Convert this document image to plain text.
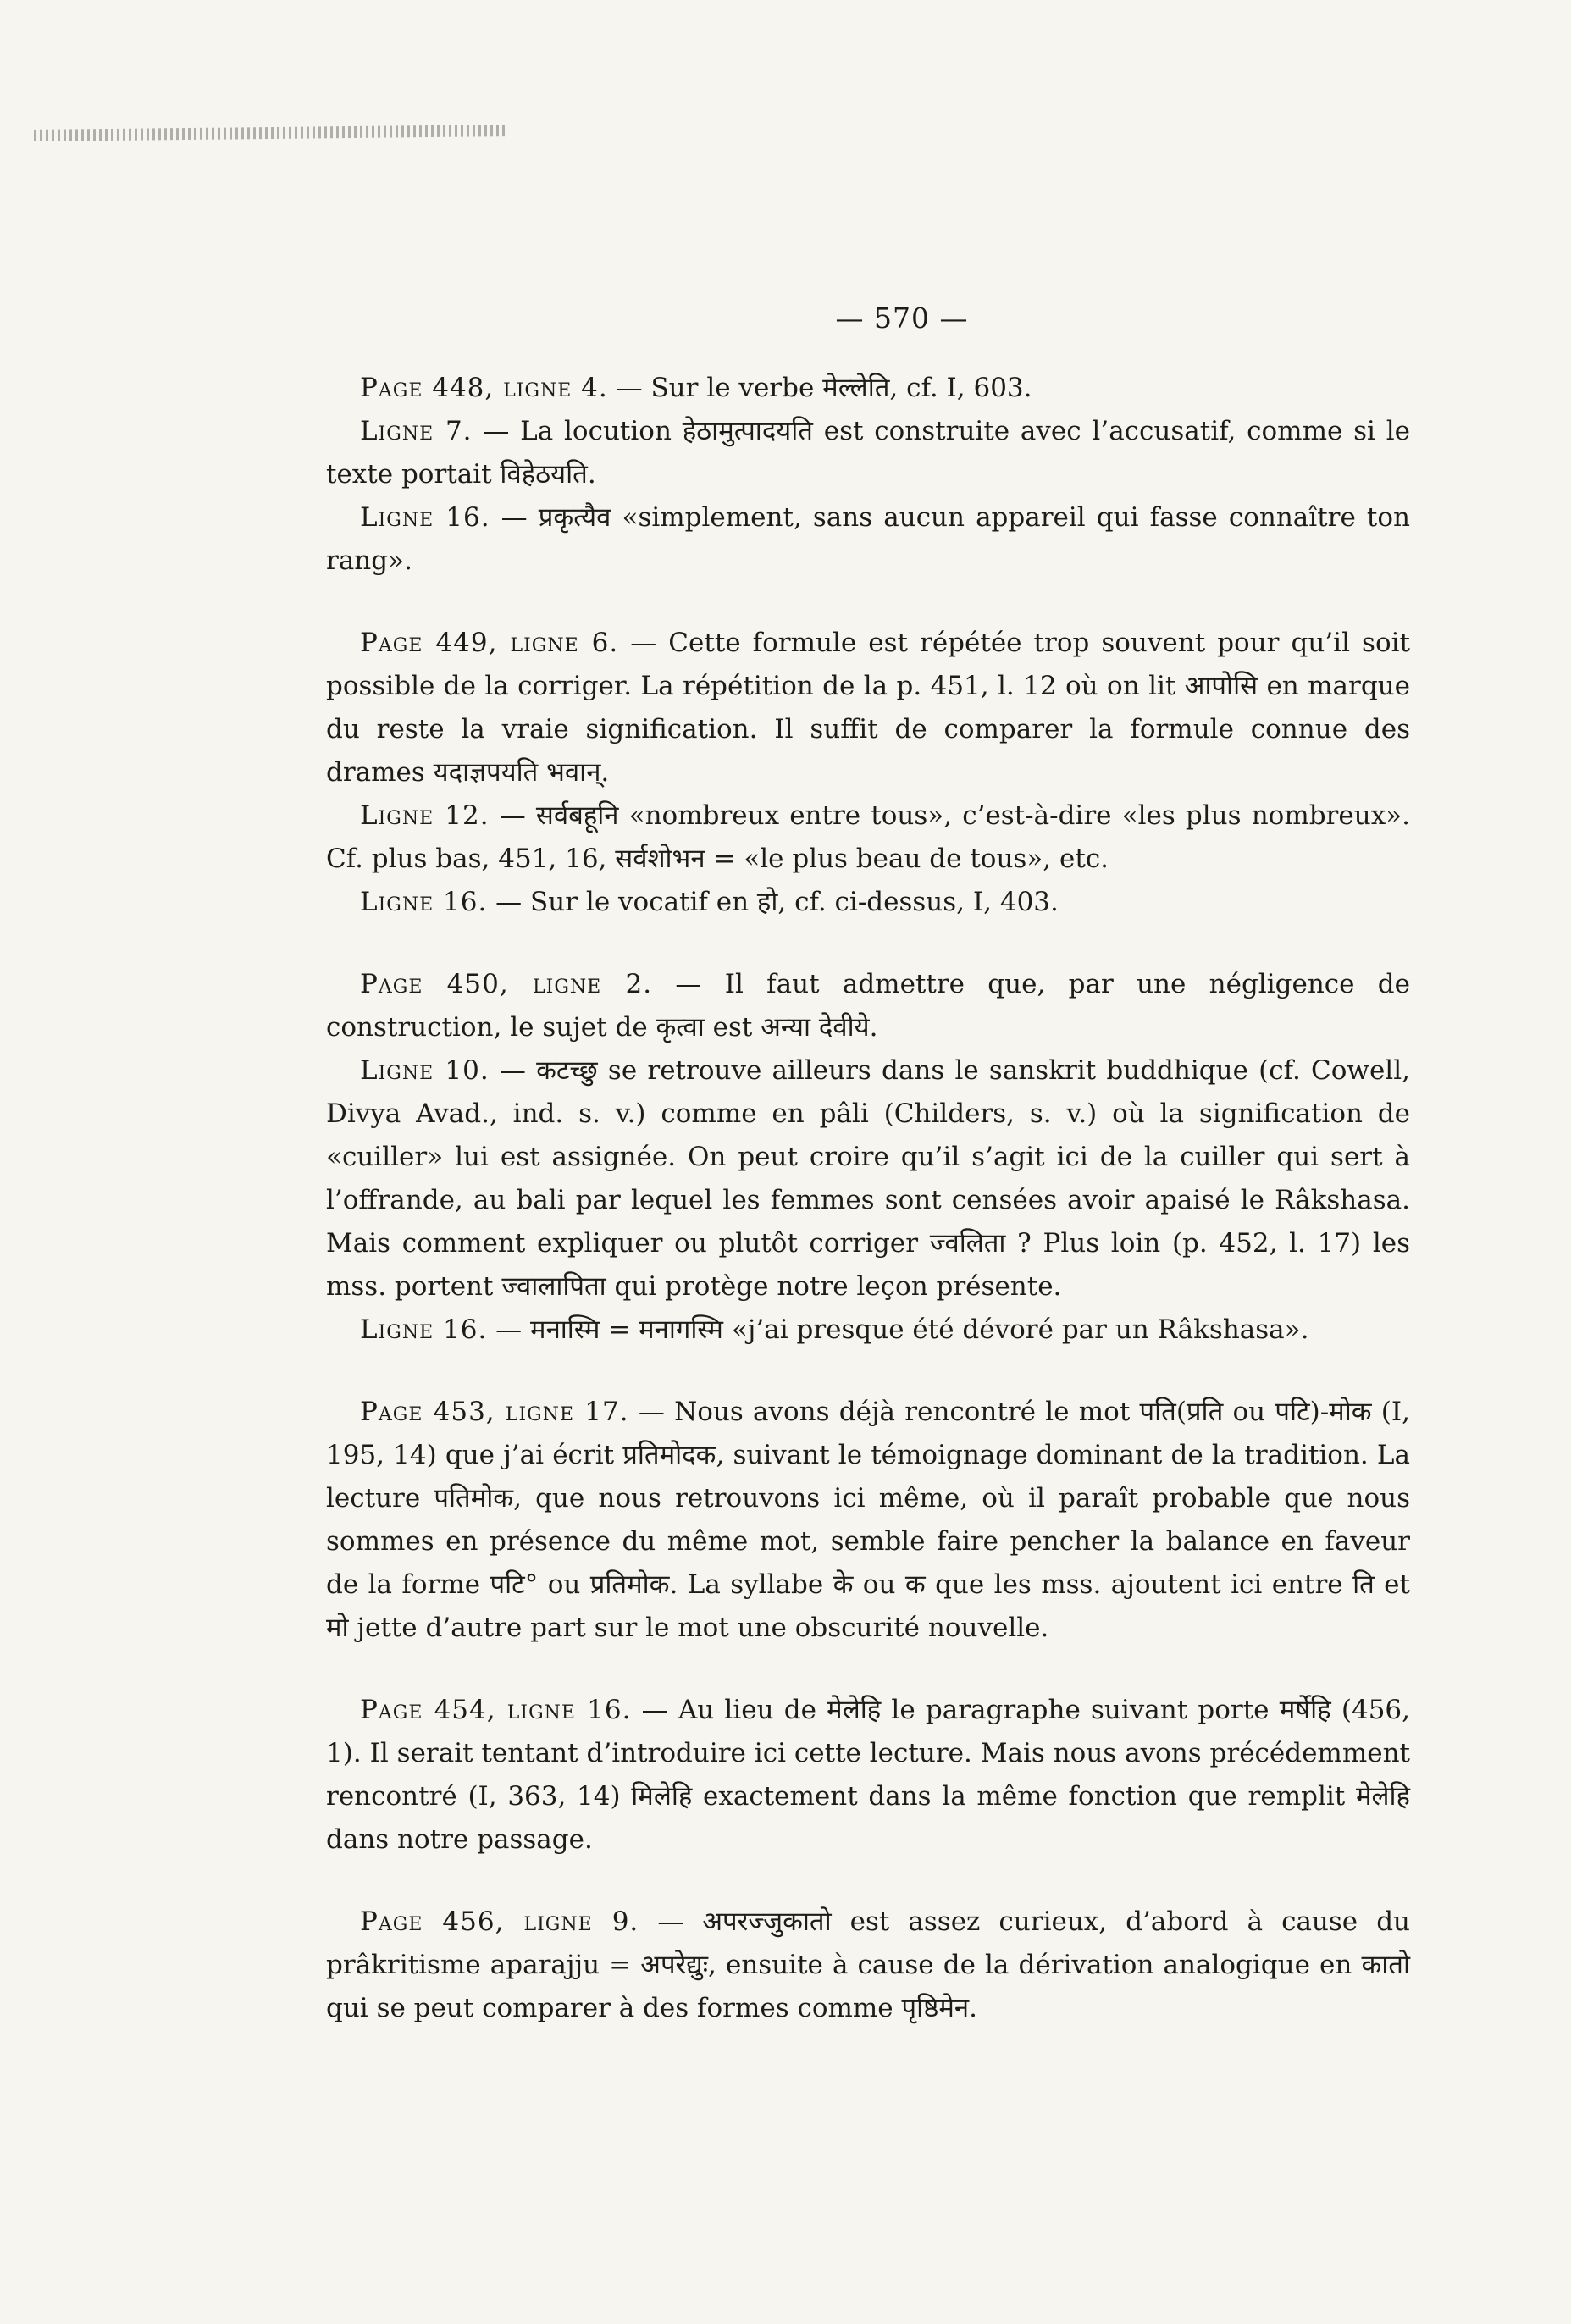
— 570 —

Page 448, ligne 4. — Sur le verbe मेल्लेति, cf. I, 603.

Ligne 7. — La locution हेठामुत्पादयति est construite avec l’accusatif, comme si le texte portait विहेठयति.

Ligne 16. — प्रकृत्यैव «simplement, sans aucun appareil qui fasse connaître ton rang».

Page 449, ligne 6. — Cette formule est répétée trop souvent pour qu’il soit possible de la corriger. La répétition de la p. 451, l. 12 où on lit आपोसि en marque du reste la vraie signification. Il suffit de comparer la formule connue des drames यदाज्ञपयति भवान्.

Ligne 12. — सर्वबहूनि «nombreux entre tous», c’est-à-dire «les plus nombreux». Cf. plus bas, 451, 16, सर्वशोभन = «le plus beau de tous», etc.

Ligne 16. — Sur le vocatif en हो, cf. ci-dessus, I, 403.

Page 450, ligne 2. — Il faut admettre que, par une négligence de construction, le sujet de कृत्वा est अन्या देवीये.

Ligne 10. — कटच्छु se retrouve ailleurs dans le sanskrit buddhique (cf. Cowell, Divya Avad., ind. s. v.) comme en pâli (Childers, s. v.) où la signification de «cuiller» lui est assignée. On peut croire qu’il s’agit ici de la cuiller qui sert à l’offrande, au bali par lequel les femmes sont censées avoir apaisé le Râkshasa. Mais comment expliquer ou plutôt corriger ज्वलिता ? Plus loin (p. 452, l. 17) les mss. portent ज्वालापिता qui protège notre leçon présente.

Ligne 16. — मनास्मि = मनागस्मि «j’ai presque été dévoré par un Râkshasa».

Page 453, ligne 17. — Nous avons déjà rencontré le mot पति(प्रति ou पटि)-मोक (I, 195, 14) que j’ai écrit प्रतिमोदक, suivant le témoignage dominant de la tradition. La lecture पतिमोक, que nous retrouvons ici même, où il paraît probable que nous sommes en présence du même mot, semble faire pencher la balance en faveur de la forme पटि° ou प्रतिमोक. La syllabe के ou क que les mss. ajoutent ici entre ति et मो jette d’autre part sur le mot une obscurité nouvelle.

Page 454, ligne 16. — Au lieu de मेलेहि le paragraphe suivant porte मर्षेहि (456, 1). Il serait tentant d’introduire ici cette lecture. Mais nous avons précédemment rencontré (I, 363, 14) मिलेहि exactement dans la même fonction que remplit मेलेहि dans notre passage.

Page 456, ligne 9. — अपरज्जुकातो est assez curieux, d’abord à cause du prâkritisme aparajju = अपरेद्युः, ensuite à cause de la dérivation analogique en कातो qui se peut comparer à des formes comme पृष्ठिमेन.
